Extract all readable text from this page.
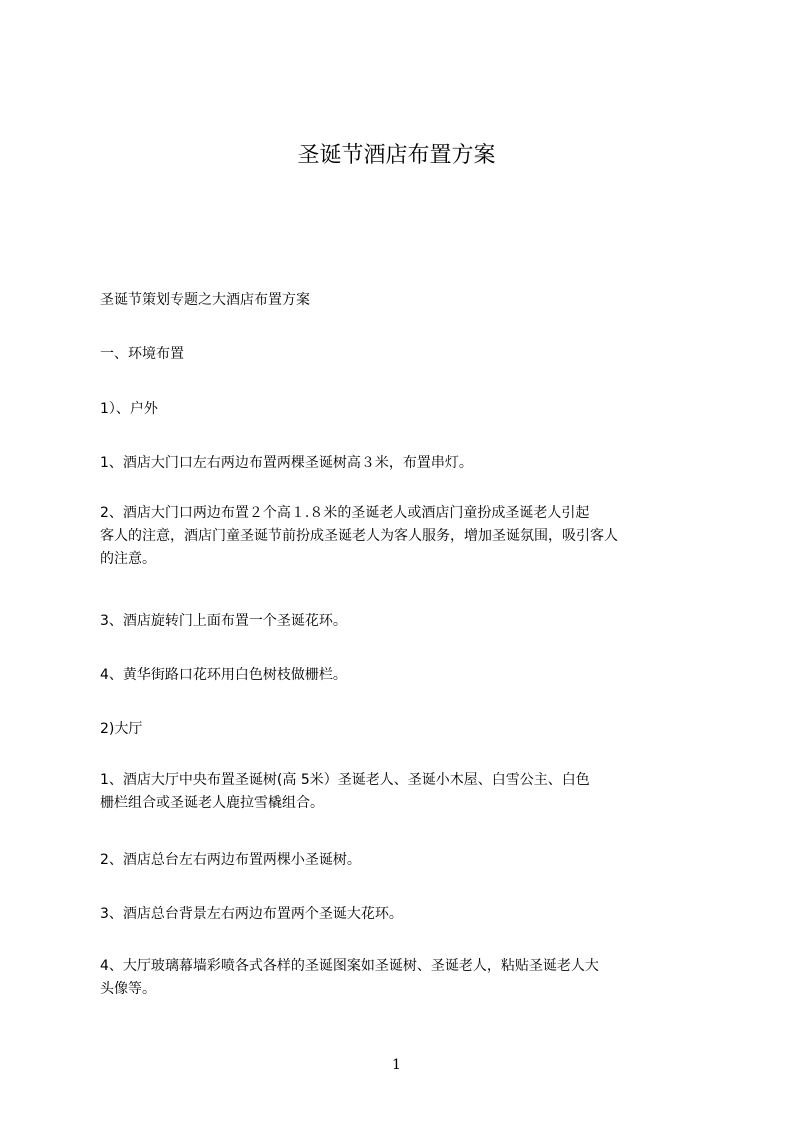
圣诞节酒店布置方案

圣诞节策划专题之大酒店布置方案

一、环境布置

1）、户外

1、酒店大门口左右两边布置两棵圣诞树高３米，布置串灯。

2、酒店大门口两边布置２个高１.８米的圣诞老人或酒店门童扮成圣诞老人引起
客人的注意，酒店门童圣诞节前扮成圣诞老人为客人服务，增加圣诞氛围，吸引客人
的注意。

3、酒店旋转门上面布置一个圣诞花环。

4、黄华街路口花环用白色树枝做栅栏。

2)大厅

1、酒店大厅中央布置圣诞树(高 5米）圣诞老人、圣诞小木屋、白雪公主、白色
栅栏组合或圣诞老人鹿拉雪橇组合。

2、酒店总台左右两边布置两棵小圣诞树。

3、酒店总台背景左右两边布置两个圣诞大花环。

4、大厅玻璃幕墙彩喷各式各样的圣诞图案如圣诞树、圣诞老人，粘贴圣诞老人大
头像等。

1
